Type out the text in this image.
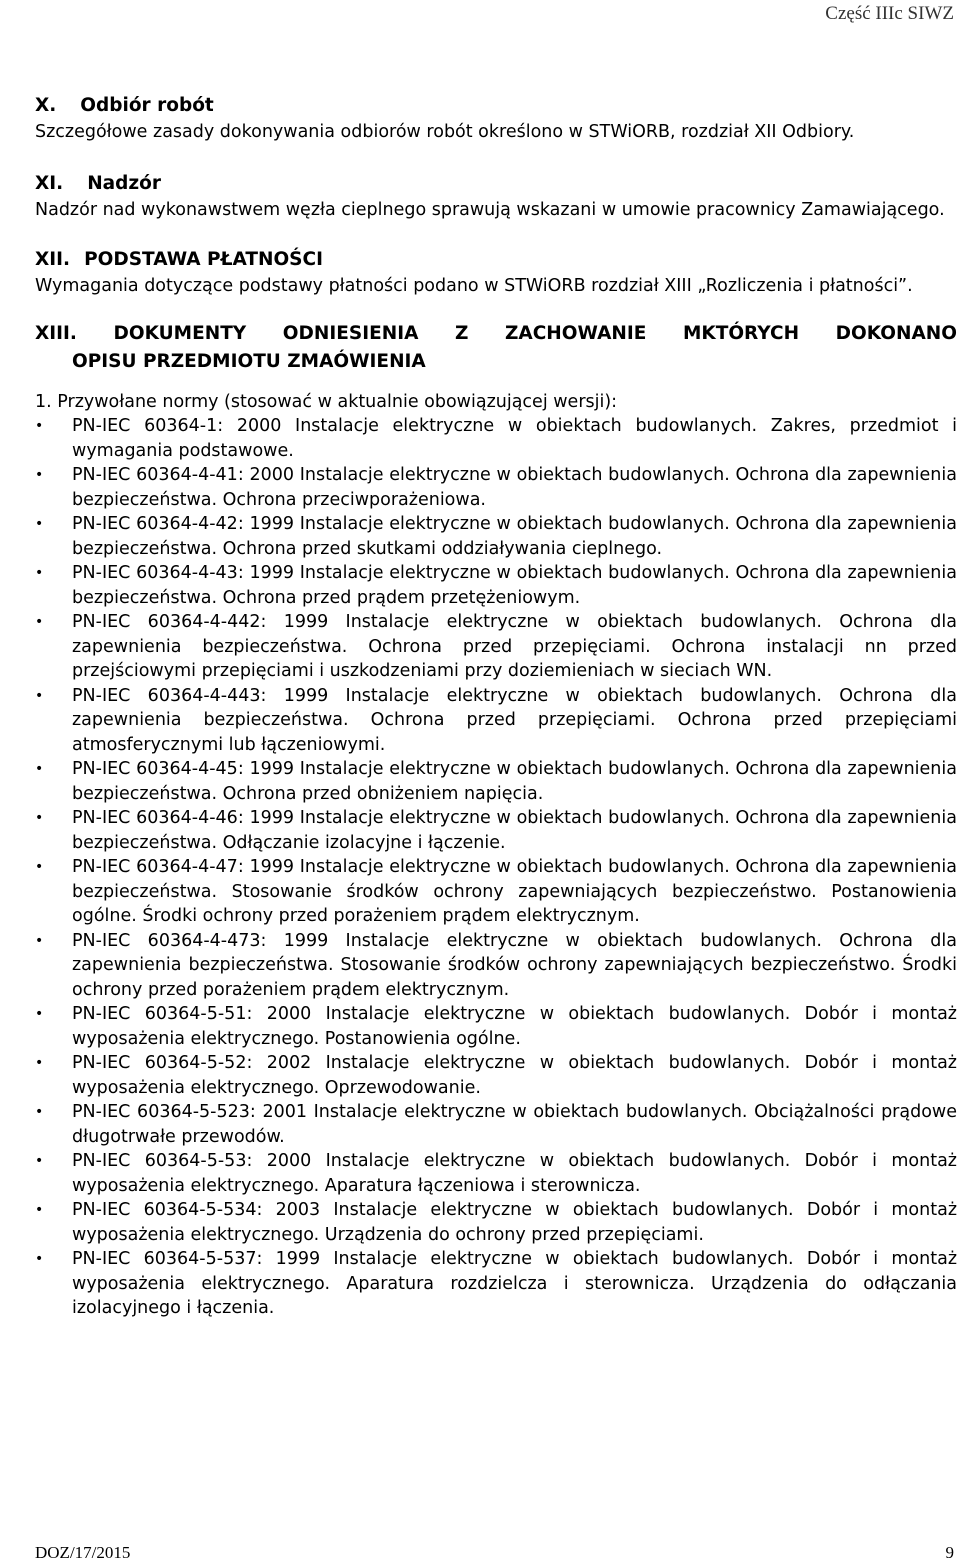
Część IIIc SIWZ
X. Odbiór robót

Szczegółowe zasady dokonywania odbiorów robót określono w STWiORB, rozdział XII Odbiory.

XI. Nadzór

Nadzór nad wykonawstwem węzła cieplnego sprawują wskazani w umowie pracownicy Zamawiającego.

XII. PODSTAWA PŁATNOŚCI

Wymagania dotyczące podstawy płatności podano w STWiORB rozdział XIII „Rozliczenia i płatności”.

XIII. DOKUMENTY ODNIESIENIA Z ZACHOWANIE MKTÓRYCH DOKONANO
OPISU PRZEDMIOTU ZMAÓWIENIA

1. Przywołane normy (stosować w aktualnie obowiązującej wersji):

• PN-IEC 60364-1: 2000 Instalacje elektryczne w obiektach budowlanych. Zakres, przedmiot i wymagania podstawowe.
• PN-IEC 60364-4-41: 2000 Instalacje elektryczne w obiektach budowlanych. Ochrona dla zapewnienia bezpieczeństwa. Ochrona przeciwporażeniowa.
• PN-IEC 60364-4-42: 1999 Instalacje elektryczne w obiektach budowlanych. Ochrona dla zapewnienia bezpieczeństwa. Ochrona przed skutkami oddziaływania cieplnego.
• PN-IEC 60364-4-43: 1999 Instalacje elektryczne w obiektach budowlanych. Ochrona dla zapewnienia bezpieczeństwa. Ochrona przed prądem przetężeniowym.
• PN-IEC 60364-4-442: 1999 Instalacje elektryczne w obiektach budowlanych. Ochrona dla zapewnienia bezpieczeństwa. Ochrona przed przepięciami. Ochrona instalacji nn przed przejściowymi przepięciami i uszkodzeniami przy doziemieniach w sieciach WN.
• PN-IEC 60364-4-443: 1999 Instalacje elektryczne w obiektach budowlanych. Ochrona dla zapewnienia bezpieczeństwa. Ochrona przed przepięciami. Ochrona przed przepięciami atmosferycznymi lub łączeniowymi.
• PN-IEC 60364-4-45: 1999 Instalacje elektryczne w obiektach budowlanych. Ochrona dla zapewnienia bezpieczeństwa. Ochrona przed obniżeniem napięcia.
• PN-IEC 60364-4-46: 1999 Instalacje elektryczne w obiektach budowlanych. Ochrona dla zapewnienia bezpieczeństwa. Odłączanie izolacyjne i łączenie.
• PN-IEC 60364-4-47: 1999 Instalacje elektryczne w obiektach budowlanych. Ochrona dla zapewnienia bezpieczeństwa. Stosowanie środków ochrony zapewniających bezpieczeństwo. Postanowienia ogólne. Środki ochrony przed porażeniem prądem elektrycznym.
• PN-IEC 60364-4-473: 1999 Instalacje elektryczne w obiektach budowlanych. Ochrona dla zapewnienia bezpieczeństwa. Stosowanie środków ochrony zapewniających bezpieczeństwo. Środki ochrony przed porażeniem prądem elektrycznym.
• PN-IEC 60364-5-51: 2000 Instalacje elektryczne w obiektach budowlanych. Dobór i montaż wyposażenia elektrycznego. Postanowienia ogólne.
• PN-IEC 60364-5-52: 2002 Instalacje elektryczne w obiektach budowlanych. Dobór i montaż wyposażenia elektrycznego. Oprzewodowanie.
• PN-IEC 60364-5-523: 2001 Instalacje elektryczne w obiektach budowlanych. Obciążalności prądowe długotrwałe przewodów.
• PN-IEC 60364-5-53: 2000 Instalacje elektryczne w obiektach budowlanych. Dobór i montaż wyposażenia elektrycznego. Aparatura łączeniowa i sterownicza.
• PN-IEC 60364-5-534: 2003 Instalacje elektryczne w obiektach budowlanych. Dobór i montaż wyposażenia elektrycznego. Urządzenia do ochrony przed przepięciami.
• PN-IEC 60364-5-537: 1999 Instalacje elektryczne w obiektach budowlanych. Dobór i montaż wyposażenia elektrycznego. Aparatura rozdzielcza i sterownicza. Urządzenia do odłączania izolacyjnego i łączenia.
DOZ/17/2015	9
